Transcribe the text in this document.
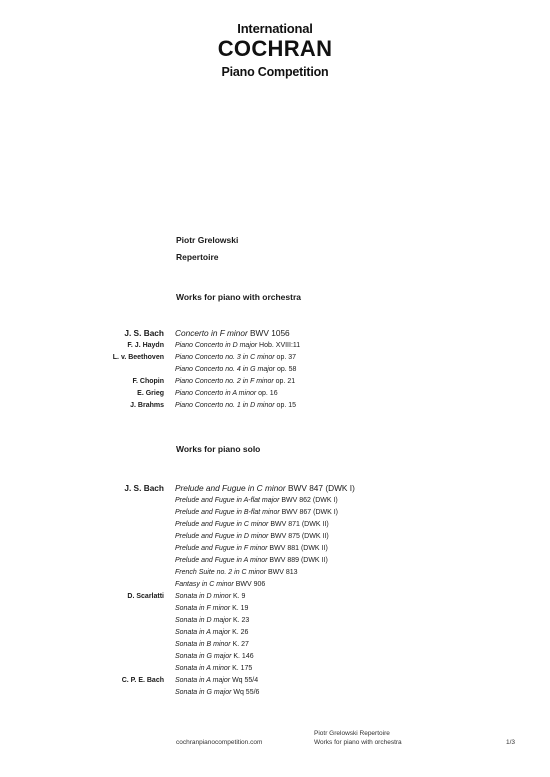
International
COCHRAN
Piano Competition
Piotr Grelowski
Repertoire
Works for piano with orchestra
J. S. Bach Concerto in F minor BWV 1056
F. J. Haydn Piano Concerto in D major Hob. XVIII:11
L. v. Beethoven Piano Concerto no. 3 in C minor op. 37
Piano Concerto no. 4 in G major op. 58
F. Chopin Piano Concerto no. 2 in F minor op. 21
E. Grieg Piano Concerto in A minor op. 16
J. Brahms Piano Concerto no. 1 in D minor op. 15
Works for piano solo
J. S. Bach Prelude and Fugue in C minor BWV 847 (DWK I)
Prelude and Fugue in A-flat major BWV 862 (DWK I)
Prelude and Fugue in B-flat minor BWV 867 (DWK I)
Prelude and Fugue in C minor BWV 871 (DWK II)
Prelude and Fugue in D minor BWV 875 (DWK II)
Prelude and Fugue in F minor BWV 881 (DWK II)
Prelude and Fugue in A minor BWV 889 (DWK II)
French Suite no. 2 in C minor BWV 813
Fantasy in C minor BWV 906
D. Scarlatti Sonata in D minor K. 9
Sonata in F minor K. 19
Sonata in D major K. 23
Sonata in A major K. 26
Sonata in B minor K. 27
Sonata in G major K. 146
Sonata in A minor K. 175
C. P. E. Bach Sonata in A major Wq 55/4
Sonata in G major Wq 55/6
cochranpianocompetition.com
Piotr Grelowski Repertoire
Works for piano with orchestra	1/3
